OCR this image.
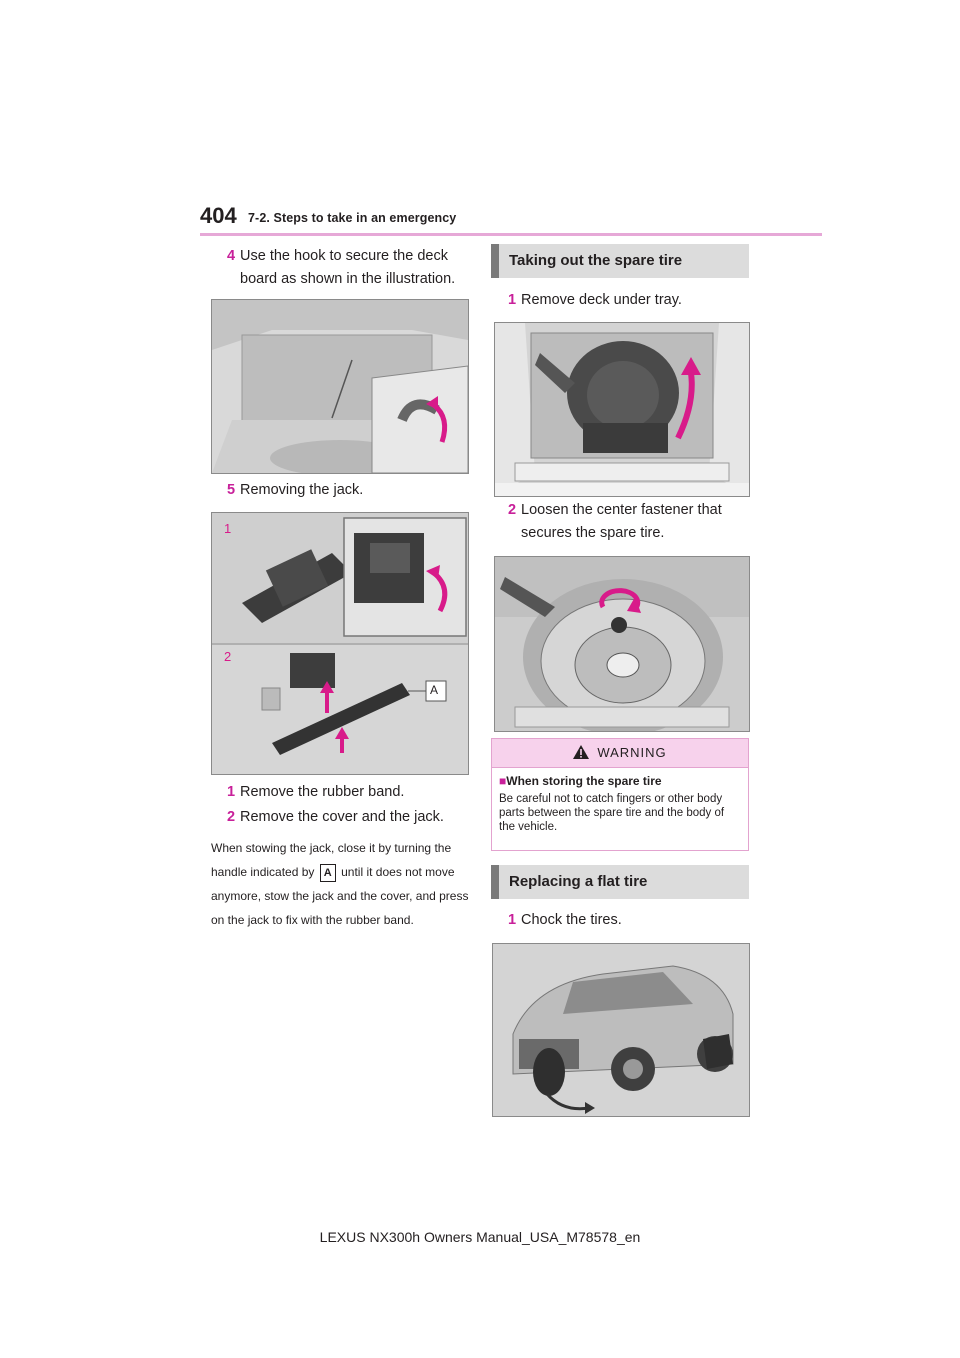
404 7-2. Steps to take in an emergency
4 Use the hook to secure the deck board as shown in the illustration.
5 Removing the jack.
1
2
A
1 Remove the rubber band.
2 Remove the cover and the jack.
When stowing the jack, close it by turning the handle indicated by A until it does not move anymore, stow the jack and the cover, and press on the jack to fix with the rubber band.
Taking out the spare tire
1 Remove deck under tray.
2 Loosen the center fastener that secures the spare tire.
WARNING
■When storing the spare tire
Be careful not to catch fingers or other body parts between the spare tire and the body of the vehicle.
Replacing a flat tire
1 Chock the tires.
LEXUS NX300h Owners Manual_USA_M78578_en
